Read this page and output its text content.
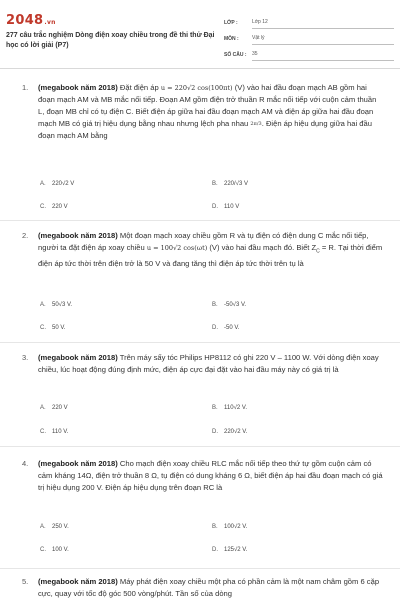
2048.vn
277 câu trắc nghiệm Dòng điện xoay chiều trong đề thi thử Đại học có lời giải (P7)
LỚP :	Lớp 12
MÔN :	Vật lý
SỐ CÂU :	35
1. (megabook năm 2018) Đặt điện áp u = 220√2 cos(100πt) (V) vào hai đầu đoạn mạch AB gồm hai đoạn mạch AM và MB mắc nối tiếp. Đoạn AM gồm điện trở thuần R mắc nối tiếp với cuộn cảm thuần L, đoạn MB chỉ có tụ điện C. Biết điện áp giữa hai đầu đoạn mạch AM và điện áp giữa hai đầu đoạn mạch MB có giá trị hiệu dụng bằng nhau nhưng lệch pha nhau 2π/3. Điện áp hiệu dụng giữa hai đầu đoạn mạch AM bằng
A. 220√2 V	B. 220/√3 V
C. 220 V	D. 110 V
2. (megabook năm 2018) Một đoạn mạch xoay chiều gồm R và tụ điện có điện dung C mắc nối tiếp, người ta đặt điện áp xoay chiều u = 100√2 cos(ωt) (V) vào hai đầu mạch đó. Biết $Z_C = R$. Tại thời điểm điện áp tức thời trên điện trở là 50 V và đang tăng thì điện áp tức thời trên tụ là
A. 50√3 V.	B. -50√3 V.
C. 50 V.	D. -50 V.
3. (megabook năm 2018) Trên máy sấy tóc Philips HP8112 có ghi 220 V – 1100 W. Với dòng điện xoay chiều, lúc hoạt động đúng định mức, điện áp cực đại đặt vào hai đầu máy này có giá trị là
A. 220 V	B. 110√2 V.
C. 110 V.	D. 220√2 V.
4. (megabook năm 2018) Cho mạch điện xoay chiều RLC mắc nối tiếp theo thứ tự gồm cuộn cảm có cảm kháng 14Ω, điện trở thuần 8 Ω, tụ điện có dung kháng 6 Ω, biết điện áp hai đầu đoạn mạch có giá trị hiệu dụng 200 V. Điện áp hiệu dụng trên đoạn RC là
A. 250 V.	B. 100√2 V.
C. 100 V.	D. 125√2 V.
5. (megabook năm 2018) Máy phát điện xoay chiều một pha có phần cảm là một nam châm gồm 6 cặp cực, quay với tốc độ góc 500 vòng/phút. Tần số của dòng
